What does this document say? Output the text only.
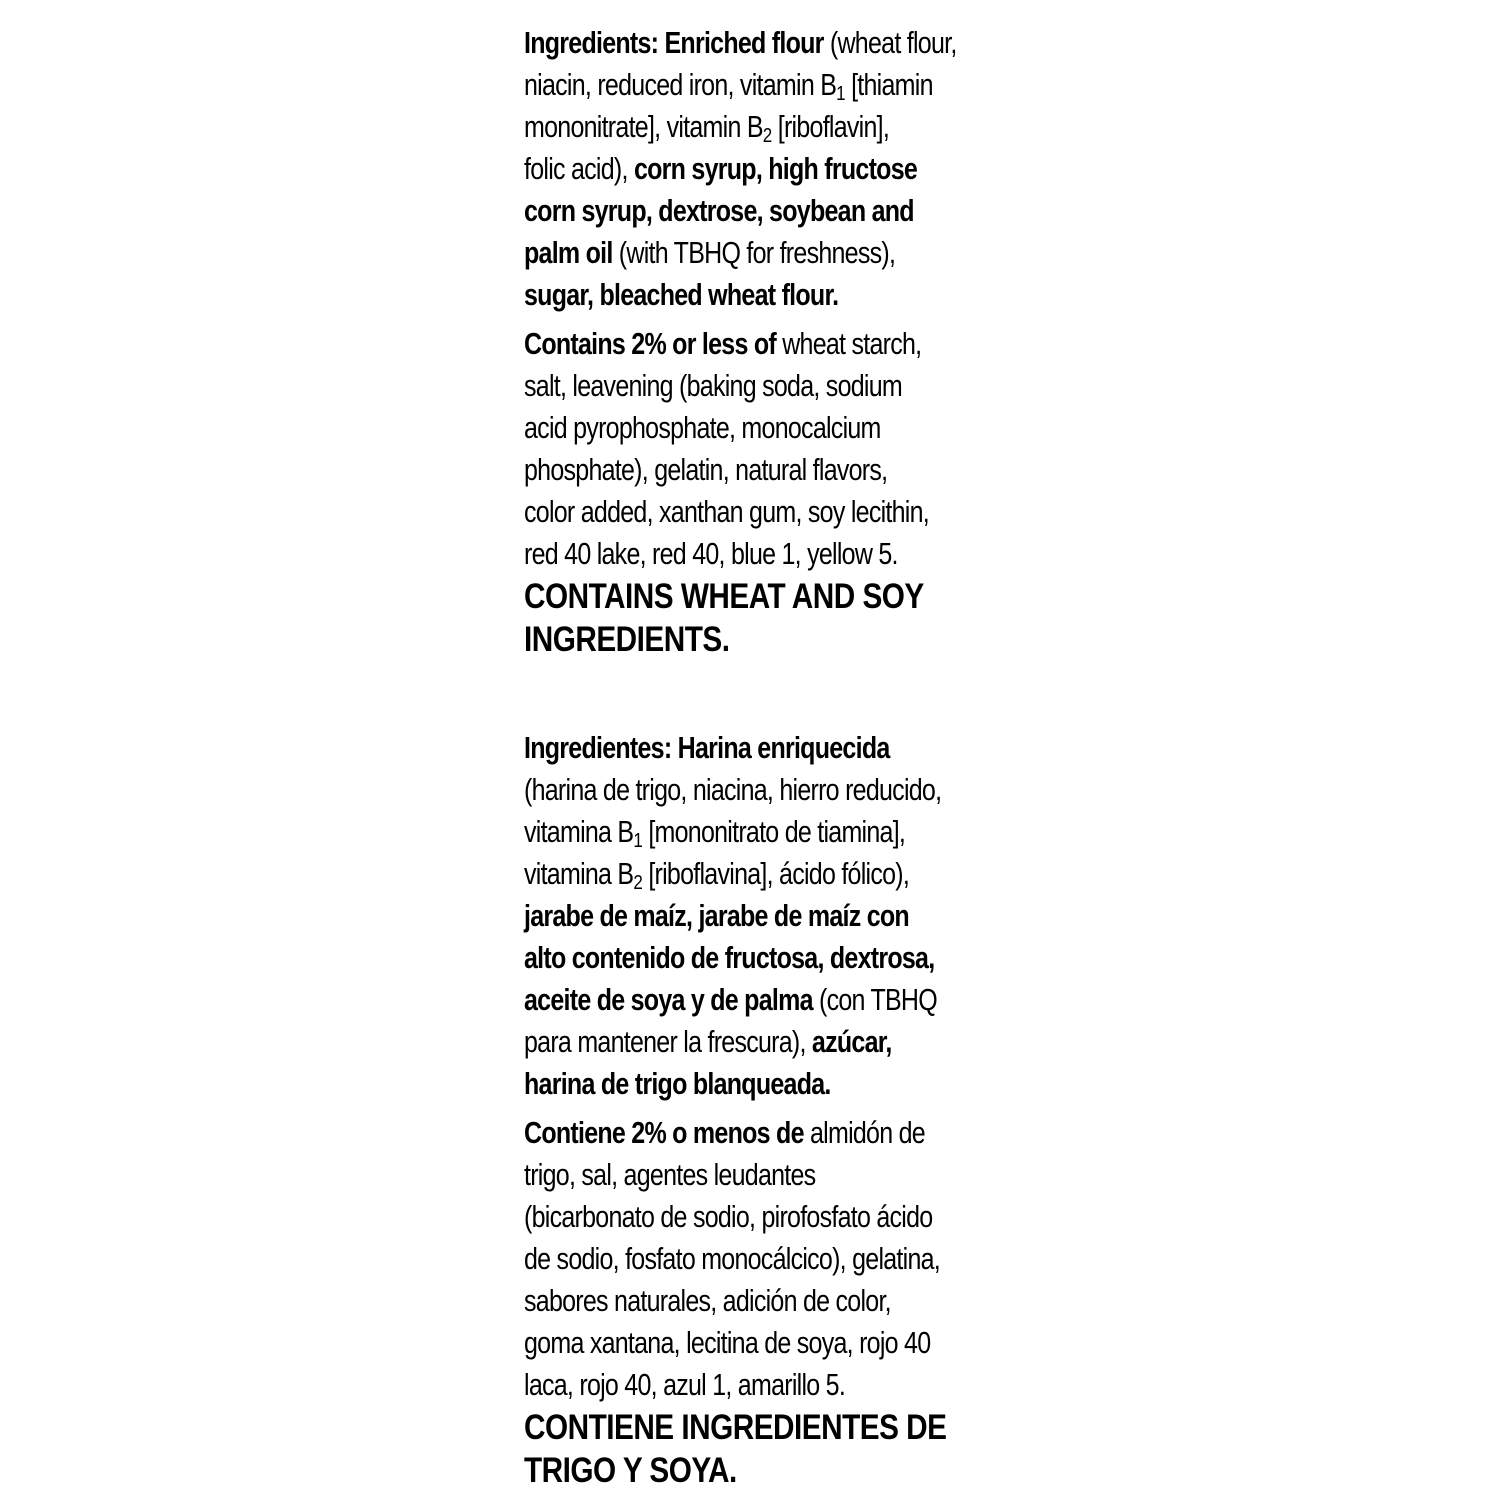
Ingredients: Enriched flour (wheat flour,
niacin, reduced iron, vitamin $B_1$ [thiamin
mononitrate], vitamin $B_2$ [riboflavin],
folic acid), corn syrup, high fructose
corn syrup, dextrose, soybean and
palm oil (with TBHQ for freshness),
sugar, bleached wheat flour.

Contains 2% or less of wheat starch,
salt, leavening (baking soda, sodium
acid pyrophosphate, monocalcium
phosphate), gelatin, natural flavors,
color added, xanthan gum, soy lecithin,
red 40 lake, red 40, blue 1, yellow 5.

CONTAINS WHEAT AND SOY
INGREDIENTS.

Ingredientes: Harina enriquecida
(harina de trigo, niacina, hierro reducido,
vitamina $B_1$ [mononitrato de tiamina],
vitamina $B_2$ [riboflavina], ácido fólico),
jarabe de maíz, jarabe de maíz con
alto contenido de fructosa, dextrosa,
aceite de soya y de palma (con TBHQ
para mantener la frescura), azúcar,
harina de trigo blanqueada.

Contiene 2% o menos de almidón de
trigo, sal, agentes leudantes
(bicarbonato de sodio, pirofosfato ácido
de sodio, fosfato monocálcico), gelatina,
sabores naturales, adición de color,
goma xantana, lecitina de soya, rojo 40
laca, rojo 40, azul 1, amarillo 5.

CONTIENE INGREDIENTES DE
TRIGO Y SOYA.
